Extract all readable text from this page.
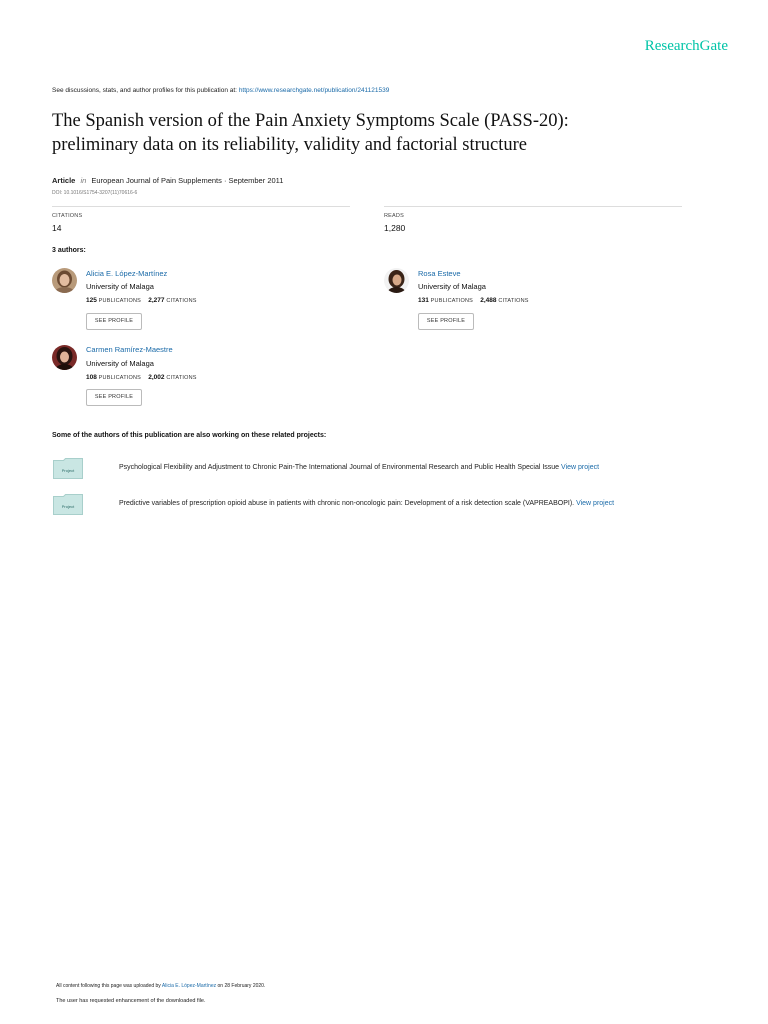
ResearchGate
See discussions, stats, and author profiles for this publication at: https://www.researchgate.net/publication/241121539
The Spanish version of the Pain Anxiety Symptoms Scale (PASS-20):
preliminary data on its reliability, validity and factorial structure
Article in European Journal of Pain Supplements · September 2011
DOI: 10.1016/S1754-3207(11)70616-6
CITATIONS
14
READS
1,280
3 authors:
Alicia E. López-Martínez
University of Malaga
125 PUBLICATIONS 2,277 CITATIONS
SEE PROFILE
Rosa Esteve
University of Malaga
131 PUBLICATIONS 2,488 CITATIONS
SEE PROFILE
Carmen Ramírez-Maestre
University of Malaga
108 PUBLICATIONS 2,002 CITATIONS
SEE PROFILE
Some of the authors of this publication are also working on these related projects:
Project	Psychological Flexibility and Adjustment to Chronic Pain-The International Journal of Environmental Research and Public Health Special Issue View project
Project	Predictive variables of prescription opioid abuse in patients with chronic non-oncologic pain: Development of a risk detection scale (VAPREABOPI). View project
All content following this page was uploaded by Alicia E. López-Martínez on 28 February 2020.
The user has requested enhancement of the downloaded file.
